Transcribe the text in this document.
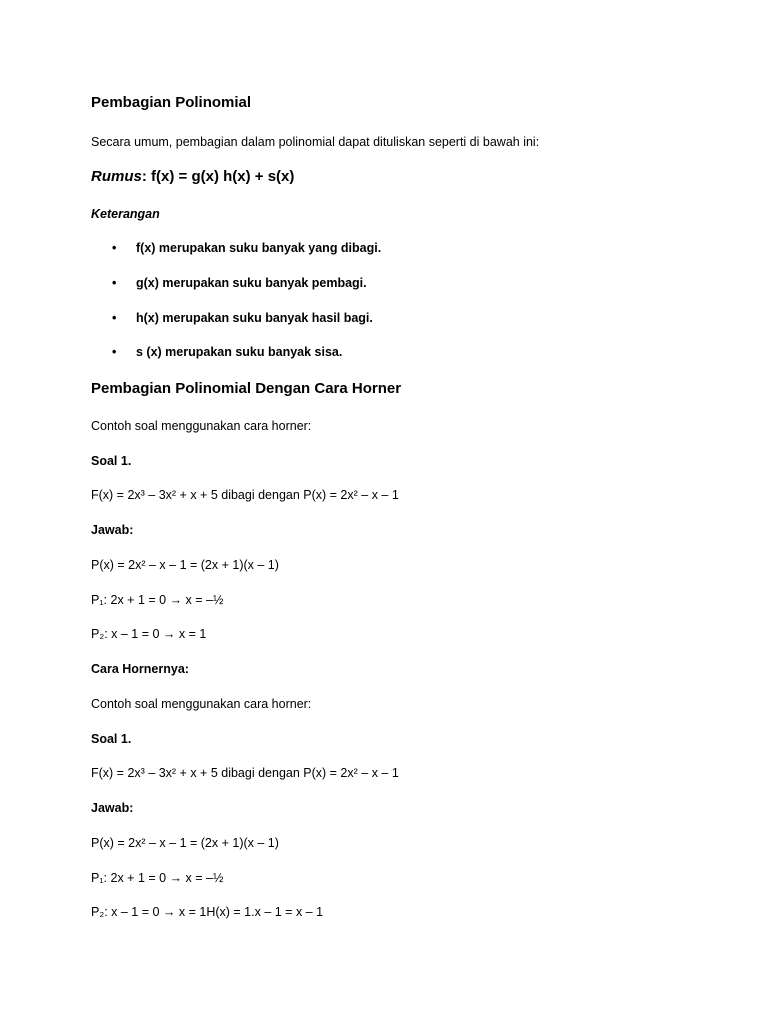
Pembagian Polinomial
Secara umum, pembagian dalam polinomial dapat dituliskan seperti di bawah ini:
Rumus: f(x) = g(x) h(x) + s(x)
Keterangan
• f(x) merupakan suku banyak yang dibagi.
• g(x) merupakan suku banyak pembagi.
• h(x) merupakan suku banyak hasil bagi.
• s (x) merupakan suku banyak sisa.
Pembagian Polinomial Dengan Cara Horner
Contoh soal menggunakan cara horner:
Soal 1.
F(x) = 2x³ – 3x² + x + 5 dibagi dengan P(x) = 2x² – x – 1
Jawab:
P(x) = 2x² – x – 1 = (2x + 1)(x – 1)
P₁: 2x + 1 = 0 → x = –½
P₂: x – 1 = 0 → x = 1
Cara Hornernya:
Contoh soal menggunakan cara horner:
Soal 1.
F(x) = 2x³ – 3x² + x + 5 dibagi dengan P(x) = 2x² – x – 1
Jawab:
P(x) = 2x² – x – 1 = (2x + 1)(x – 1)
P₁: 2x + 1 = 0 → x = –½
P₂: x – 1 = 0 → x = 1H(x) = 1.x – 1 = x – 1
